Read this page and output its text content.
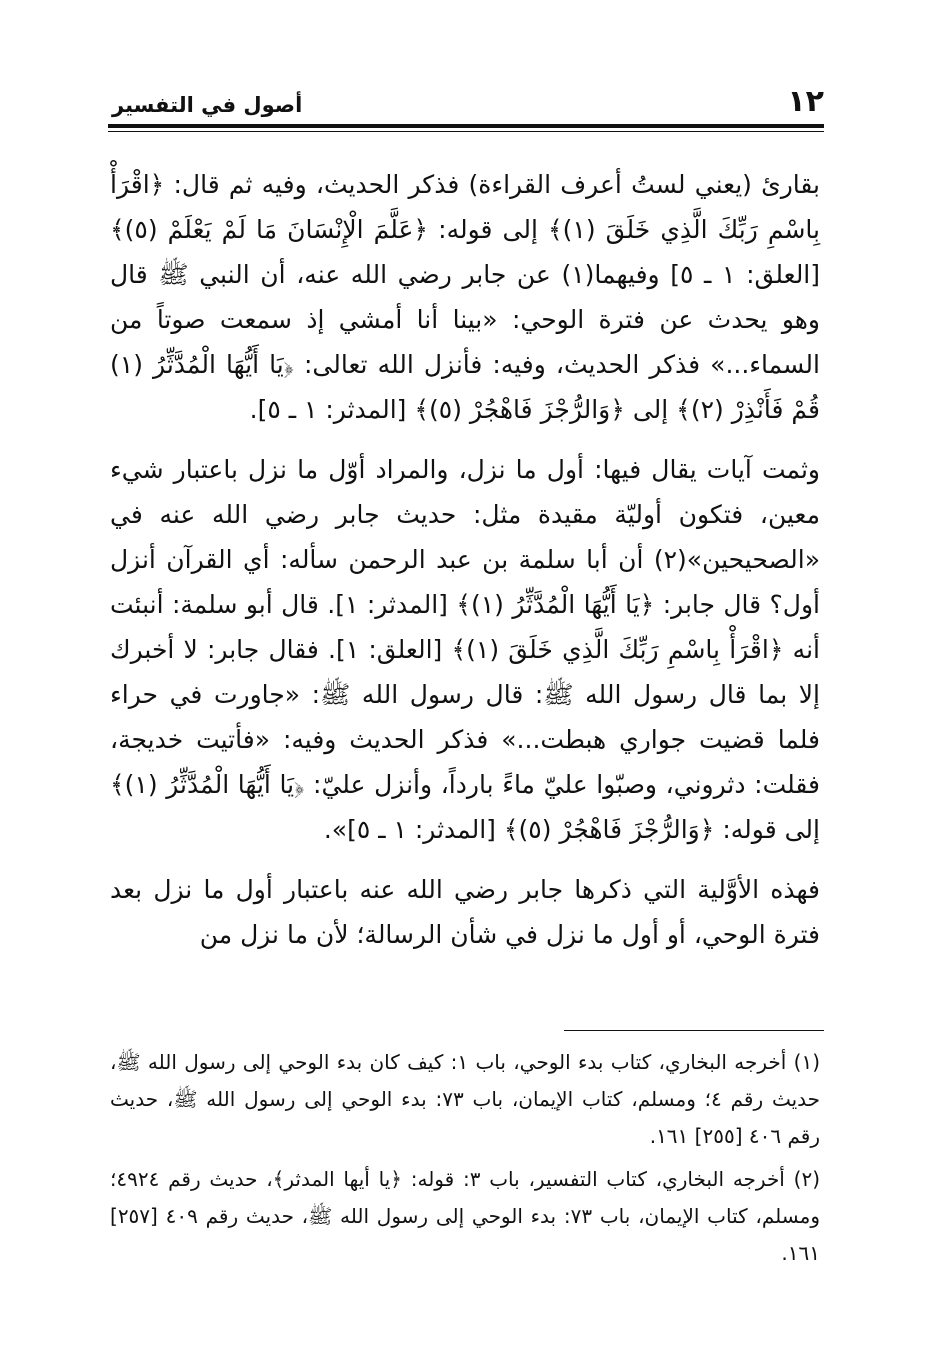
١٢
أصول في التفسير

بقارئ (يعني لستُ أعرف القراءة) فذكر الحديث، وفيه ثم قال: ﴿اقْرَأْ بِاسْمِ رَبِّكَ الَّذِي خَلَقَ (١)﴾ إلى قوله: ﴿عَلَّمَ الْإِنْسَانَ مَا لَمْ يَعْلَمْ (٥)﴾ [العلق: ١ ـ ٥] وفيهما(١) عن جابر رضي الله عنه، أن النبي ﷺ قال وهو يحدث عن فترة الوحي: «بينا أنا أمشي إذ سمعت صوتاً من السماء...» فذكر الحديث، وفيه: فأنزل الله تعالى: ﴿يَا أَيُّهَا الْمُدَّثِّرُ (١) قُمْ فَأَنْذِرْ (٢)﴾ إلى ﴿وَالرُّجْزَ فَاهْجُرْ (٥)﴾ [المدثر: ١ ـ ٥].

وثمت آيات يقال فيها: أول ما نزل، والمراد أوّل ما نزل باعتبار شيء معين، فتكون أوليّة مقيدة مثل: حديث جابر رضي الله عنه في «الصحيحين»(٢) أن أبا سلمة بن عبد الرحمن سأله: أي القرآن أنزل أول؟ قال جابر: ﴿يَا أَيُّهَا الْمُدَّثِّرُ (١)﴾ [المدثر: ١]. قال أبو سلمة: أنبئت أنه ﴿اقْرَأْ بِاسْمِ رَبِّكَ الَّذِي خَلَقَ (١)﴾ [العلق: ١]. فقال جابر: لا أخبرك إلا بما قال رسول الله ﷺ: قال رسول الله ﷺ: «جاورت في حراء فلما قضيت جواري هبطت...» فذكر الحديث وفيه: «فأتيت خديجة، فقلت: دثروني، وصبّوا عليّ ماءً بارداً، وأنزل عليّ: ﴿يَا أَيُّهَا الْمُدَّثِّرُ (١)﴾ إلى قوله: ﴿وَالرُّجْزَ فَاهْجُرْ (٥)﴾ [المدثر: ١ ـ ٥]».

فهذه الأوَّلية التي ذكرها جابر رضي الله عنه باعتبار أول ما نزل بعد فترة الوحي، أو أول ما نزل في شأن الرسالة؛ لأن ما نزل من

(١) أخرجه البخاري، كتاب بدء الوحي، باب ١: كيف كان بدء الوحي إلى رسول الله ﷺ، حديث رقم ٤؛ ومسلم، كتاب الإيمان، باب ٧٣: بدء الوحي إلى رسول الله ﷺ، حديث رقم ٤٠٦ [٢٥٥] ١٦١.

(٢) أخرجه البخاري، كتاب التفسير، باب ٣: قوله: ﴿يا أيها المدثر﴾، حديث رقم ٤٩٢٤؛ ومسلم، كتاب الإيمان، باب ٧٣: بدء الوحي إلى رسول الله ﷺ، حديث رقم ٤٠٩ [٢٥٧] ١٦١.
